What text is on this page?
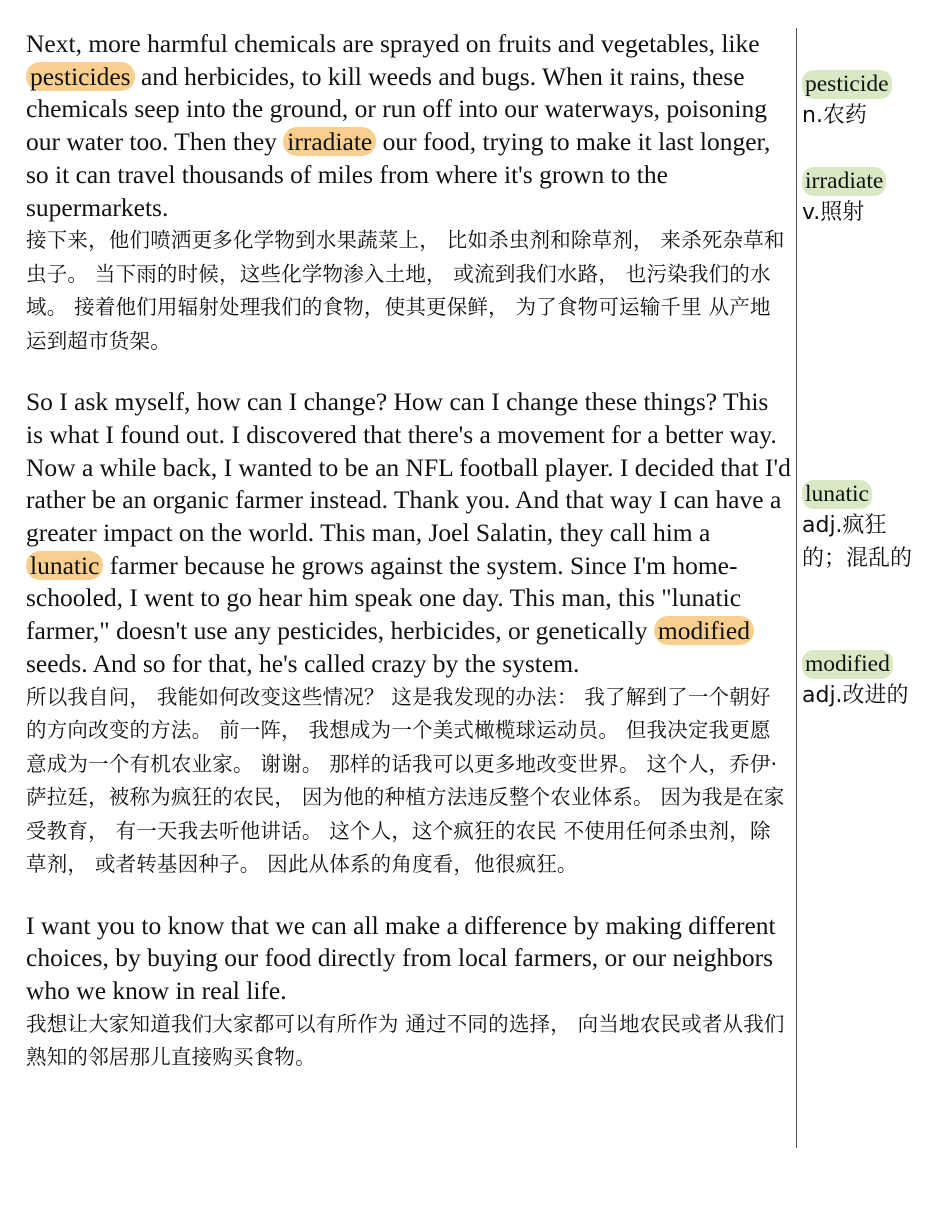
Next, more harmful chemicals are sprayed on fruits and vegetables, like pesticides and herbicides, to kill weeds and bugs. When it rains, these chemicals seep into the ground, or run off into our waterways, poisoning our water too. Then they irradiate our food, trying to make it last longer, so it can travel thousands of miles from where it's grown to the supermarkets.

接下来，他们喷洒更多化学物到水果蔬菜上， 比如杀虫剂和除草剂， 来杀死杂草和虫子。 当下雨的时候，这些化学物渗入土地， 或流到我们水路， 也污染我们的水域。 接着他们用辐射处理我们的食物，使其更保鲜， 为了食物可运输千里 从产地运到超市货架。

So I ask myself, how can I change? How can I change these things? This is what I found out. I discovered that there's a movement for a better way. Now a while back, I wanted to be an NFL football player. I decided that I'd rather be an organic farmer instead. Thank you. And that way I can have a greater impact on the world. This man, Joel Salatin, they call him a lunatic farmer because he grows against the system. Since I'm home-schooled, I went to go hear him speak one day. This man, this "lunatic farmer," doesn't use any pesticides, herbicides, or genetically modified seeds. And so for that, he's called crazy by the system.

所以我自问， 我能如何改变这些情况？ 这是我发现的办法： 我了解到了一个朝好的方向改变的方法。 前一阵， 我想成为一个美式橄榄球运动员。 但我决定我更愿意成为一个有机农业家。 谢谢。 那样的话我可以更多地改变世界。 这个人，乔伊·萨拉廷，被称为疯狂的农民， 因为他的种植方法违反整个农业体系。 因为我是在家受教育， 有一天我去听他讲话。 这个人，这个疯狂的农民 不使用任何杀虫剂，除草剂， 或者转基因种子。 因此从体系的角度看，他很疯狂。

I want you to know that we can all make a difference by making different choices, by buying our food directly from local farmers, or our neighbors who we know in real life.

我想让大家知道我们大家都可以有所作为 通过不同的选择， 向当地农民或者从我们熟知的邻居那儿直接购买食物。

pesticide
n.农药
irradiate
v.照射
lunatic
adj.疯狂的；混乱的
modified
adj.改进的
